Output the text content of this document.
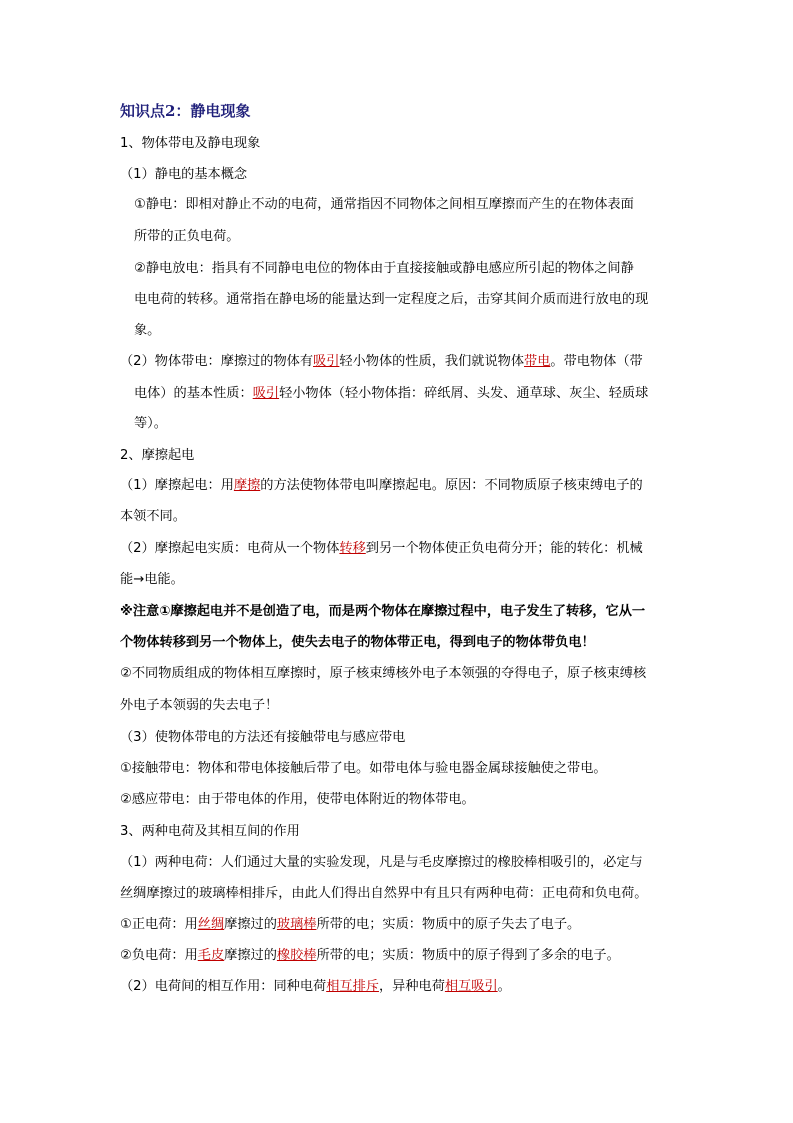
知识点2：静电现象
1、物体带电及静电现象
（1）静电的基本概念
①静电：即相对静止不动的电荷，通常指因不同物体之间相互摩擦而产生的在物体表面
所带的正负电荷。
②静电放电：指具有不同静电电位的物体由于直接接触或静电感应所引起的物体之间静
电电荷的转移。通常指在静电场的能量达到一定程度之后，击穿其间介质而进行放电的现
象。
（2）物体带电：摩擦过的物体有吸引轻小物体的性质，我们就说物体带电。带电物体（带
电体）的基本性质：吸引轻小物体（轻小物体指：碎纸屑、头发、通草球、灰尘、轻质球
等）。
2、摩擦起电
（1）摩擦起电：用摩擦的方法使物体带电叫摩擦起电。原因：不同物质原子核束缚电子的
本领不同。
（2）摩擦起电实质：电荷从一个物体转移到另一个物体使正负电荷分开；能的转化：机械
能→电能。
※注意①摩擦起电并不是创造了电，而是两个物体在摩擦过程中，电子发生了转移，它从一
个物体转移到另一个物体上，使失去电子的物体带正电，得到电子的物体带负电！
②不同物质组成的物体相互摩擦时，原子核束缚核外电子本领强的夺得电子，原子核束缚核
外电子本领弱的失去电子！
（3）使物体带电的方法还有接触带电与感应带电
①接触带电：物体和带电体接触后带了电。如带电体与验电器金属球接触使之带电。
②感应带电：由于带电体的作用，使带电体附近的物体带电。
3、两种电荷及其相互间的作用
（1）两种电荷：人们通过大量的实验发现，凡是与毛皮摩擦过的橡胶棒相吸引的，必定与
丝绸摩擦过的玻璃棒相排斥，由此人们得出自然界中有且只有两种电荷：正电荷和负电荷。
①正电荷：用丝绸摩擦过的玻璃棒所带的电；实质：物质中的原子失去了电子。
②负电荷：用毛皮摩擦过的橡胶棒所带的电；实质：物质中的原子得到了多余的电子。
（2）电荷间的相互作用：同种电荷相互排斥，异种电荷相互吸引。
